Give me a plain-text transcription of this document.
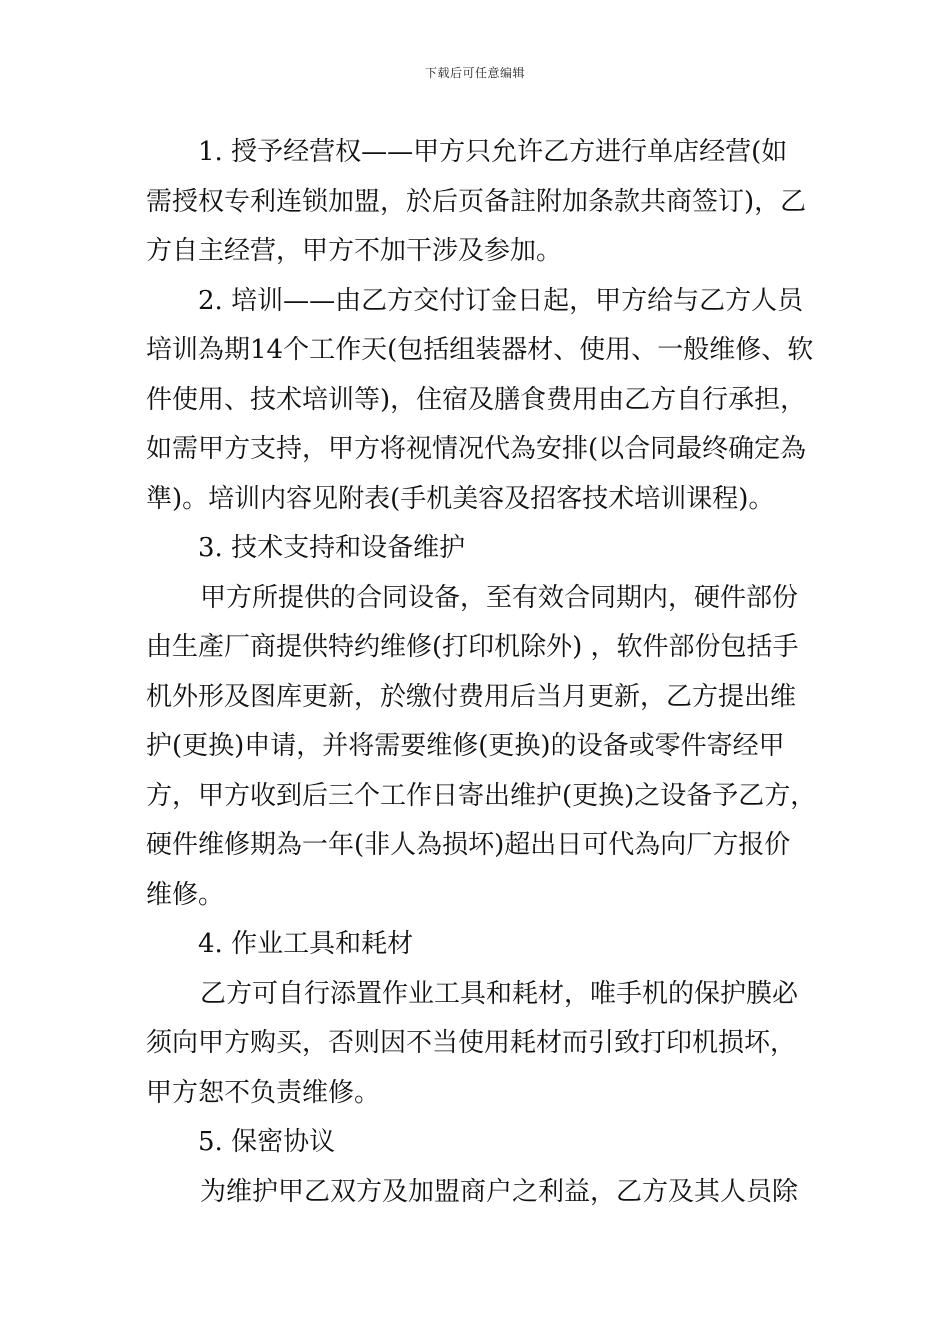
下载后可任意编辑
1. 授予经营权——甲方只允许乙方进行单店经营(如
需授权专利连锁加盟，於后页备註附加条款共商签订)，乙
方自主经营，甲方不加干涉及参加。
2. 培训——由乙方交付订金日起，甲方给与乙方人员
培训為期14个工作天(包括组装器材、使用、一般维修、软
件使用、技术培训等)，住宿及膳食费用由乙方自行承担，
如需甲方支持，甲方将视情况代為安排(以合同最终确定為
準)。培训内容见附表(手机美容及招客技术培训课程)。
3. 技术支持和设备维护
甲方所提供的合同设备，至有效合同期内，硬件部份
由生產厂商提供特约维修(打印机除外) ，软件部份包括手
机外形及图库更新，於缴付费用后当月更新，乙方提出维
护(更换)申请，并将需要维修(更换)的设备或零件寄经甲
方，甲方收到后三个工作日寄出维护(更换)之设备予乙方，
硬件维修期為一年(非人為损坏)超出日可代為向厂方报价
维修。
4. 作业工具和耗材
乙方可自行添置作业工具和耗材，唯手机的保护膜必
须向甲方购买，否则因不当使用耗材而引致打印机损坏，
甲方恕不负责维修。
5. 保密协议
为维护甲乙双方及加盟商户之利益，乙方及其人员除
